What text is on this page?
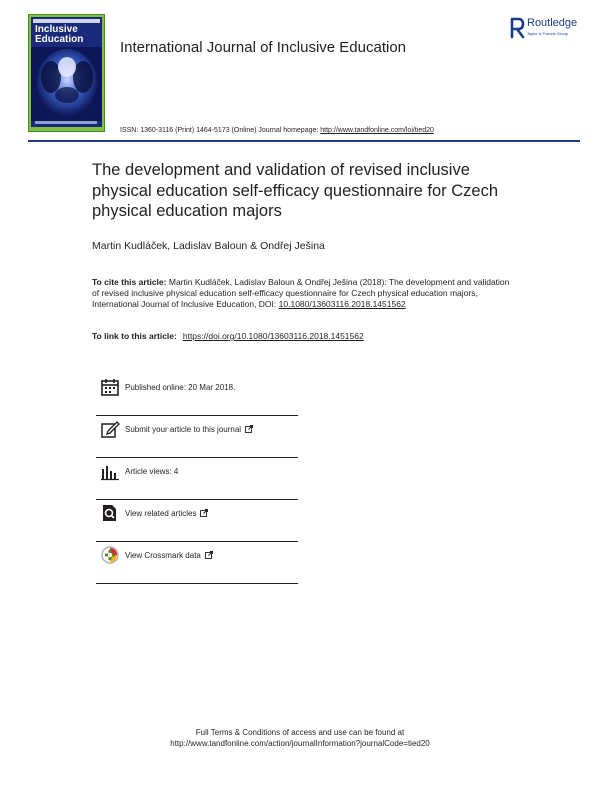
Inclusive Education	International Journal of Inclusive Education
Routledge
Taylor & Francis Group
ISSN: 1360-3116 (Print) 1464-5173 (Online) Journal homepage: http://www.tandfonline.com/loi/tied20
The development and validation of revised inclusive physical education self-efficacy questionnaire for Czech physical education majors
Martin Kudláček, Ladislav Baloun & Ondřej Ješina
To cite this article: Martin Kudláček, Ladislav Baloun & Ondřej Ješina (2018): The development and validation of revised inclusive physical education self-efficacy questionnaire for Czech physical education majors, International Journal of Inclusive Education, DOI: 10.1080/13603116.2018.1451562
To link to this article: https://doi.org/10.1080/13603116.2018.1451562
Published online: 20 Mar 2018.
Submit your article to this journal
Article views: 4
View related articles
View Crossmark data
Full Terms & Conditions of access and use can be found at
http://www.tandfonline.com/action/journalInformation?journalCode=tied20
